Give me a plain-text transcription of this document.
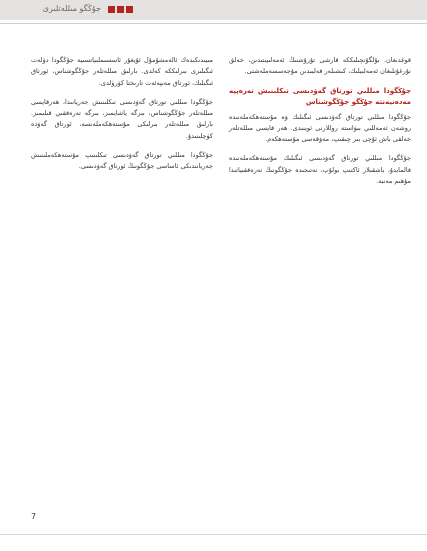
جۇڭگو مىللەتلىرى

قوغدىغان. بۇلگۇنچىلىككە قارشى تۇرۇشنىڭ ئەمەلىيىتىدىن، خەلق نۇرغۇنلىغان ئەمەلىيلىك، كىشىلەر قەلبىدىن مۇجەسسەملەشتى.

جۇڭگودا مىللىي تورتاق گەۋدىسى تىكلىنىش تەرەپپە مەدەنيەتتە جۇڭگو جۇڭگوشناس

جۇڭگودا مىللىي تورتاق گەۋدىسى ئىگىلىك ۋە مۇستەھكەملەنىدە روشەن ئەمەللىي بىۋاستە روللارنى ئوينىدى. ھەر قايسى مىللەتلەر خەلقى باش ئۇچى بىر چىقىپ، مەۋقەسى مۇستەھكەم.

جۇڭگودا مىللىي تورتاق گەۋدىسى ئىگىلىك مۇستەھكەملەنىدە قالمايدۇ، باشقىلار ئاكتىپ بولۇپ، نەتىجىدە جۇڭگونىڭ تەرەققىياتىدا مۇھىم مەنبە.

مىيىدىكىدەك ئالەمشۇمۇل ئۇيغۇر ئاسسىملىياتسىيە جۇڭگودا دۆلەت ئىگىلىرى بىرلىككە كەلدى. بارلىق مىللەتلەر جۇڭگوشناس، ئورتاق ئىگىلىك، ئورتاق مەنپەئەت تارىختا كۆرۈلدى.

جۇڭگودا مىللىي تورتاق گەۋدىسى تىكلىنىش جەريانىدا، ھەرقايسى مىللەتلەر جۇڭگوشناس، بىرگە ياشايمىز، بىرگە تەرەققىي قىلىمىز. بارلىق مىللەتلەر بىرلىكى مۇستەھكەملەنسە، ئورتاق گەۋدە كۈچلىنىدۇ.

جۇڭگودا مىللىي تورتاق گەۋدىسى تىكلىنىپ مۇستەھكەملىنىش جەريانىدىكى ئاساسى جۇڭگونىڭ ئورتاق گەۋدىسى.

7
